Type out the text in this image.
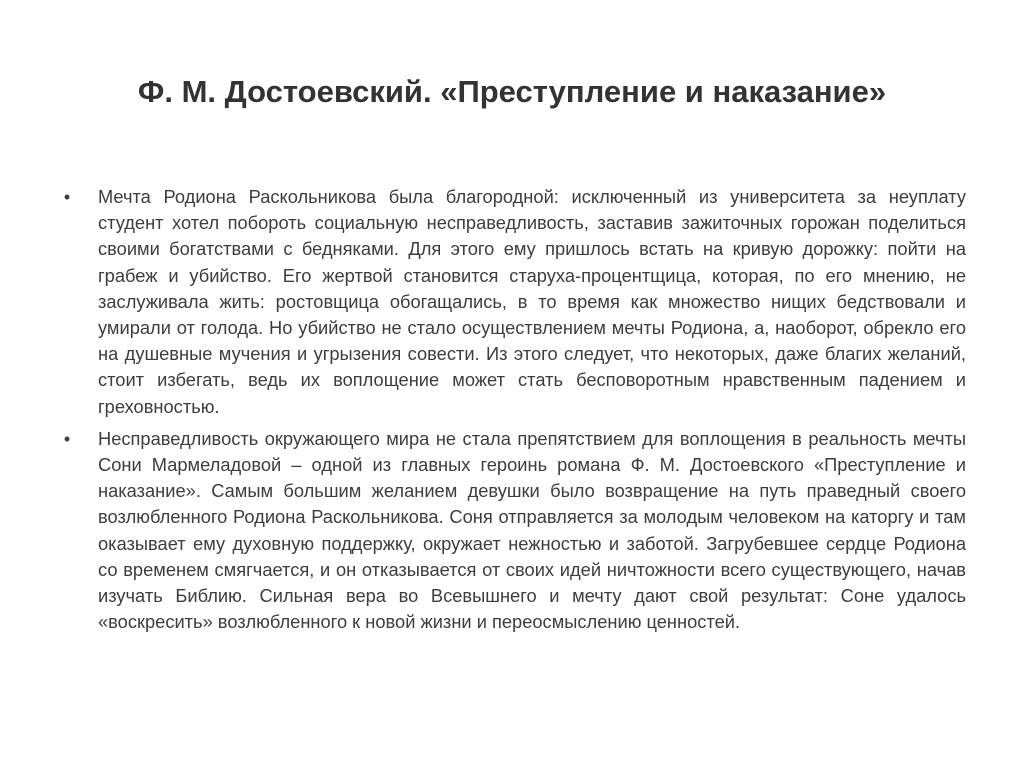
Ф. М. Достоевский. «Преступление и наказание»
• Мечта Родиона Раскольникова была благородной: исключенный из университета за неуплату студент хотел побороть социальную несправедливость, заставив зажиточных горожан поделиться своими богатствами с бедняками. Для этого ему пришлось встать на кривую дорожку: пойти на грабеж и убийство. Его жертвой становится старуха-процентщица, которая, по его мнению, не заслуживала жить: ростовщица обогащались, в то время как множество нищих бедствовали и умирали от голода. Но убийство не стало осуществлением мечты Родиона, а, наоборот, обрекло его на душевные мучения и угрызения совести. Из этого следует, что некоторых, даже благих желаний, стоит избегать, ведь их воплощение может стать бесповоротным нравственным падением и греховностью.
• Несправедливость окружающего мира не стала препятствием для воплощения в реальность мечты Сони Мармеладовой – одной из главных героинь романа Ф. М. Достоевского «Преступление и наказание». Самым большим желанием девушки было возвращение на путь праведный своего возлюбленного Родиона Раскольникова. Соня отправляется за молодым человеком на каторгу и там оказывает ему духовную поддержку, окружает нежностью и заботой. Загрубевшее сердце Родиона со временем смягчается, и он отказывается от своих идей ничтожности всего существующего, начав изучать Библию. Сильная вера во Всевышнего и мечту дают свой результат: Соне удалось «воскресить» возлюбленного к новой жизни и переосмыслению ценностей.
